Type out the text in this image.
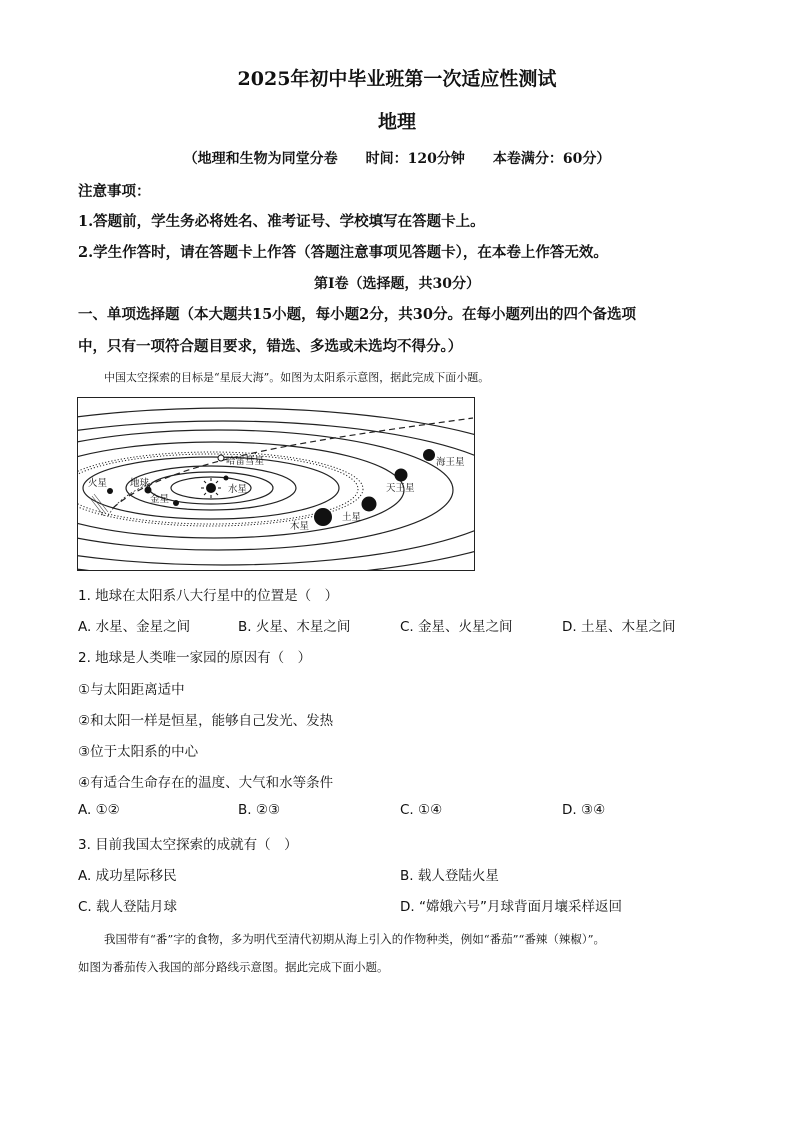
2025年初中毕业班第一次适应性测试
地理
（地理和生物为同堂分卷　　时间：120分钟　　本卷满分：60分）
注意事项：
1.答题前，学生务必将姓名、准考证号、学校填写在答题卡上。
2.学生作答时，请在答题卡上作答（答题注意事项见答题卡），在本卷上作答无效。
第Ⅰ卷（选择题，共30分）
一、单项选择题（本大题共15小题，每小题2分，共30分。在每小题列出的四个备选项
中，只有一项符合题目要求，错选、多选或未选均不得分。）
中国太空探索的目标是“星辰大海”。如图为太阳系示意图，据此完成下面小题。
火星 地球
金星
水星
哈雷彗星
木星
土星
天王星
海王星
1. 地球在太阳系八大行星中的位置是（　）
A. 水星、金星之间	B. 火星、木星之间	C. 金星、火星之间	D. 土星、木星之间
2. 地球是人类唯一家园的原因有（　）
①与太阳距离适中
②和太阳一样是恒星，能够自己发光、发热
③位于太阳系的中心
④有适合生命存在的温度、大气和水等条件
A. ①②	B. ②③	C. ①④	D. ③④
3. 目前我国太空探索的成就有（　）
A. 成功星际移民	B. 载人登陆火星
C. 载人登陆月球	D. “嫦娥六号”月球背面月壤采样返回
我国带有“番”字的食物，多为明代至清代初期从海上引入的作物种类，例如“番茄”“番辣（辣椒）”。
如图为番茄传入我国的部分路线示意图。据此完成下面小题。
